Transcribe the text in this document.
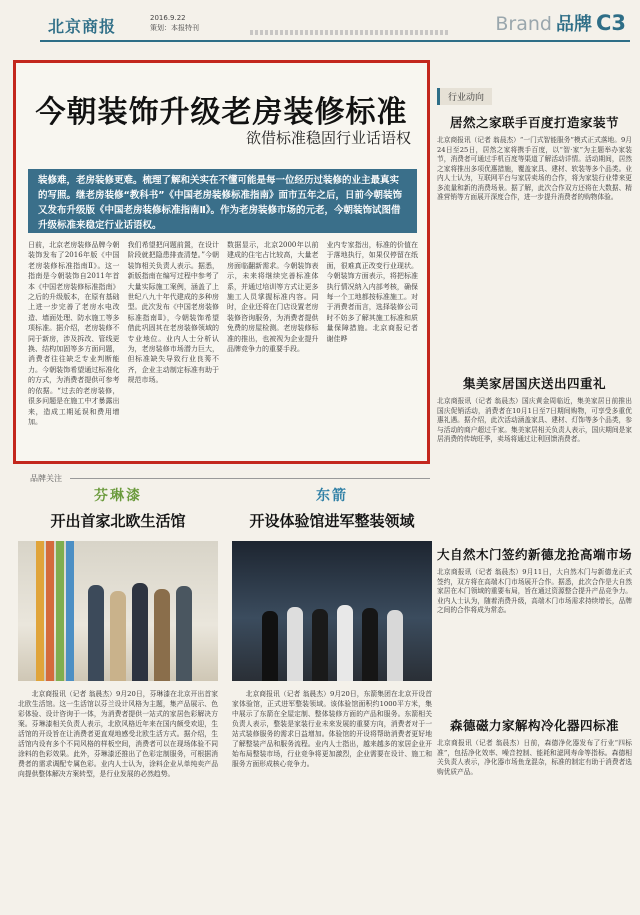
北京商报	2016.9.22
策划：本报特刊	Brand 品牌 C3
今朝装饰升级老房装修标准
欲借标准稳固行业话语权
装修难，老房装修更难。梳理了解和关实在不懂可能是每一位经历过装修的业主最真实的写照。继老房装修“教科书”《中国老房装修标准指南》面市五年之后，日前今朝装饰又发布升级版《中国老房装修标准指南Ⅱ》。作为老房装修市场的元老，今朝装饰试图借升级标准来稳定行业话语权。
日前，北京老房装修品牌今朝装饰发布了2016年版《中国老房装修标准指南Ⅱ》。这一指南是今朝装饰自2011年首本《中国老房装修标准指南》之后的升级版本，在原有基础上进一步完善了老房水电改造、墙面处理、防水施工等多项标准。据介绍，老房装修不同于新房，涉及拆改、管线更换、结构加固等多方面问题，消费者往往缺乏专业判断能力。今朝装饰希望通过标准化的方式，为消费者提供可参考的依据。“过去的老房装修，很多问题是在施工中才暴露出来，造成工期延误和费用增加。
我们希望把问题前置，在设计阶段就把隐患排查清楚。”今朝装饰相关负责人表示。据悉，新版指南在编写过程中参考了大量实际施工案例，涵盖了上世纪八九十年代建成的多种房型。此次发布《中国老房装修标准指南Ⅱ》，今朝装饰希望借此巩固其在老房装修领域的专业地位。业内人士分析认为，老房装修市场潜力巨大，但标准缺失导致行业良莠不齐，企业主动制定标准有助于规范市场。
数据显示，北京2000年以前建成的住宅占比较高，大量老房面临翻新需求。今朝装饰表示，未来将继续完善标准体系，并通过培训等方式让更多施工人员掌握标准内容。同时，企业还将在门店设置老房装修咨询服务，为消费者提供免费的房屋检测。老房装修标准的推出，也被视为企业提升品牌竞争力的重要手段。
业内专家指出，标准的价值在于落地执行，如果仅停留在纸面，很难真正改变行业现状。今朝装饰方面表示，将把标准执行情况纳入内部考核，确保每一个工地都按标准施工。对于消费者而言，选择装修公司时不妨多了解其施工标准和质量保障措施。北京商报记者 谢佳晔
行业动向
居然之家联手百度打造家装节
北京商报讯（记者 翁晨杰）“一门式智能服务”模式正式落地。9月24日至25日，居然之家将携手百度，以“智·家”为主题举办家装节，消费者可通过手机百度等渠道了解活动详情。活动期间，居然之家将推出多项优惠措施，覆盖家具、建材、软装等多个品类。业内人士认为，互联网平台与家居卖场的合作，将为家装行业带来更多流量和新的消费场景。据了解，此次合作双方还将在大数据、精准营销等方面展开深度合作，进一步提升消费者的购物体验。
集美家居国庆送出四重礼
北京商报讯（记者 翁晨杰）国庆黄金周临近，集美家居日前推出国庆促销活动，消费者在10月1日至7日期间购物，可享受多重优惠礼遇。据介绍，此次活动涵盖家具、建材、灯饰等多个品类，参与活动的商户超过千家。集美家居相关负责人表示，国庆期间是家居消费的传统旺季，卖场将通过让利回馈消费者。
大自然木门签约新德龙抢高端市场
北京商报讯（记者 翁晨杰）9月11日，大自然木门与新德龙正式签约，双方将在高端木门市场展开合作。据悉，此次合作是大自然家居在木门领域的重要布局，旨在通过资源整合提升产品竞争力。业内人士认为，随着消费升级，高端木门市场需求持续增长，品牌之间的合作将成为常态。
森德磁力家解构冷化器四标准
北京商报讯（记者 翁晨杰）日前，森德净化器发布了行业“四标准”，包括净化效率、噪音控制、能耗和滤网寿命等指标。森德相关负责人表示，净化器市场鱼龙混杂，标准的制定有助于消费者选购优质产品。
品牌关注
芬琳漆
开出首家北欧生活馆

北京商报讯（记者 翁晨杰）9月20日，芬琳漆在北京开出首家北欧生活馆。这一生活馆以芬兰设计风格为主题，集产品展示、色彩体验、设计咨询于一体，为消费者提供一站式的家居色彩解决方案。芬琳漆相关负责人表示，北欧风格近年来在国内颇受欢迎，生活馆的开设旨在让消费者更直观地感受北欧生活方式。据介绍，生活馆内设有多个不同风格的样板空间，消费者可以在现场体验不同涂料的色彩效果。此外，芬琳漆还推出了色彩定制服务，可根据消费者的需求调配专属色彩。业内人士认为，涂料企业从单纯卖产品向提供整体解决方案转型，是行业发展的必然趋势。

东箭
开设体验馆进军整装领域

北京商报讯（记者 翁晨杰）9月20日，东箭集团在北京开设首家体验馆，正式进军整装领域。该体验馆面积约1000平方米，集中展示了东箭在全屋定制、整体装修方面的产品和服务。东箭相关负责人表示，整装是家装行业未来发展的重要方向，消费者对于一站式装修服务的需求日益增加。体验馆的开设将帮助消费者更好地了解整装产品和服务流程。业内人士指出，越来越多的家居企业开始布局整装市场，行业竞争将更加激烈，企业需要在设计、施工和服务方面形成核心竞争力。
